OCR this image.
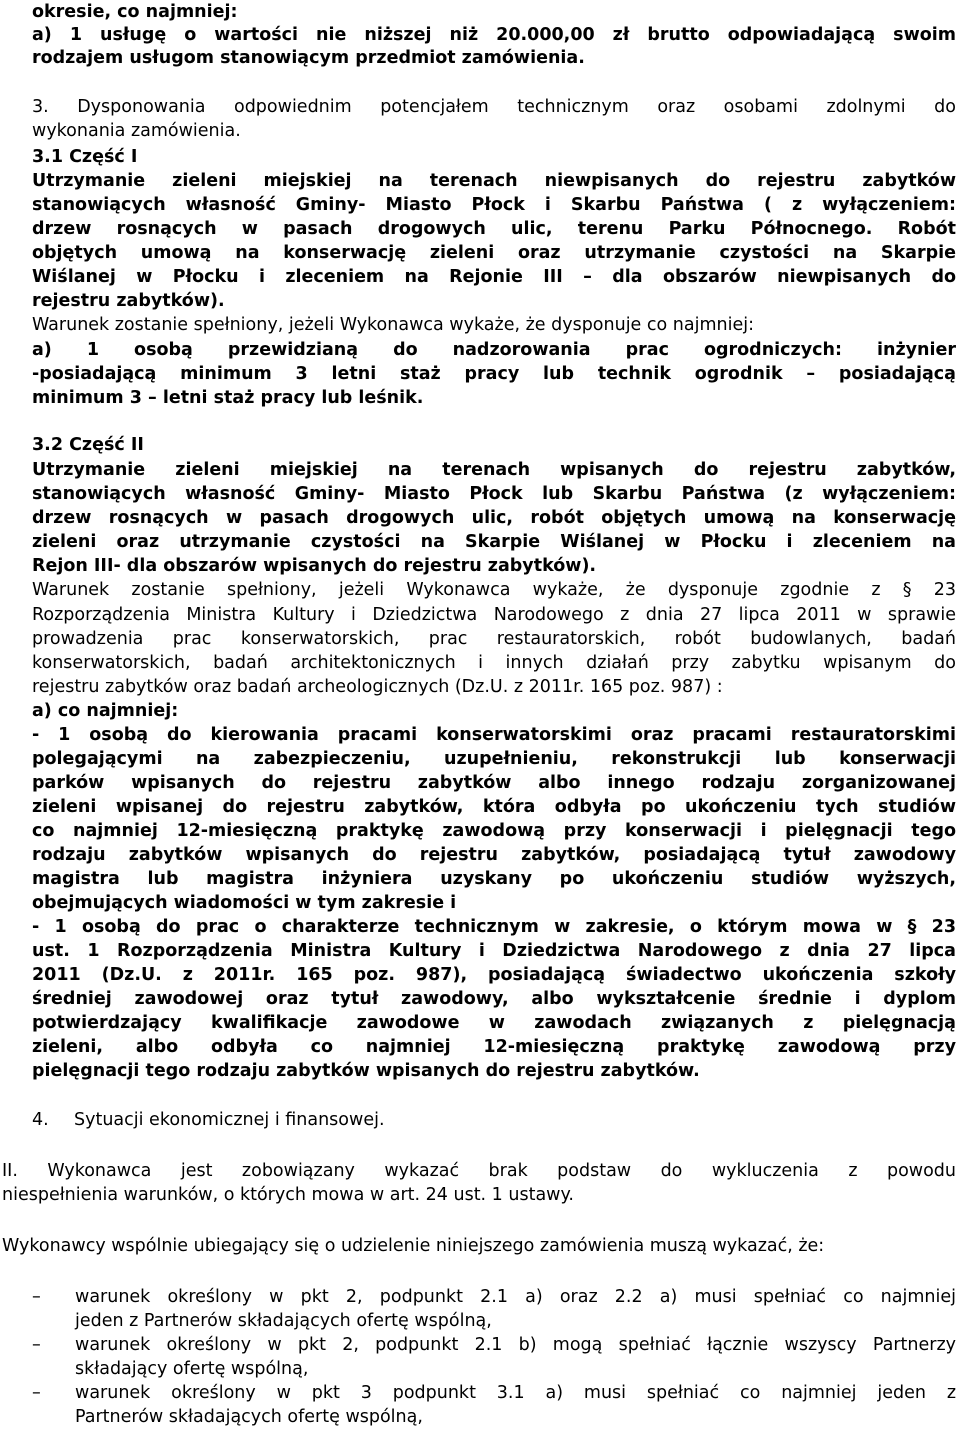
okresie, co najmniej:
a) 1 usługę o wartości nie niższej niż 20.000,00 zł brutto odpowiadającą swoim
rodzajem usługom stanowiącym przedmiot zamówienia.
3. Dysponowania odpowiednim potencjałem technicznym oraz osobami zdolnymi do
wykonania zamówienia.
3.1 Część I
Utrzymanie zieleni miejskiej na terenach niewpisanych do rejestru zabytków
stanowiących własność Gminy- Miasto Płock i Skarbu Państwa ( z wyłączeniem:
drzew rosnących w pasach drogowych ulic, terenu Parku Północnego. Robót
objętych umową na konserwację zieleni oraz utrzymanie czystości na Skarpie
Wiślanej w Płocku i zleceniem na Rejonie III – dla obszarów niewpisanych do
rejestru zabytków).
Warunek zostanie spełniony, jeżeli Wykonawca wykaże, że dysponuje co najmniej:
a) 1 osobą przewidzianą do nadzorowania prac ogrodniczych: inżynier
-posiadającą minimum 3 letni staż pracy lub technik ogrodnik – posiadającą
minimum 3 – letni staż pracy lub leśnik.
3.2 Część II
Utrzymanie zieleni miejskiej na terenach wpisanych do rejestru zabytków,
stanowiących własność Gminy- Miasto Płock lub Skarbu Państwa (z wyłączeniem:
drzew rosnących w pasach drogowych ulic, robót objętych umową na konserwację
zieleni oraz utrzymanie czystości na Skarpie Wiślanej w Płocku i zleceniem na
Rejon III- dla obszarów wpisanych do rejestru zabytków).
Warunek zostanie spełniony, jeżeli Wykonawca wykaże, że dysponuje zgodnie z § 23
Rozporządzenia Ministra Kultury i Dziedzictwa Narodowego z dnia 27 lipca 2011 w sprawie
prowadzenia prac konserwatorskich, prac restauratorskich, robót budowlanych, badań
konserwatorskich, badań architektonicznych i innych działań przy zabytku wpisanym do
rejestru zabytków oraz badań archeologicznych (Dz.U. z 2011r. 165 poz. 987) :
a) co najmniej:
- 1 osobą do kierowania pracami konserwatorskimi oraz pracami restauratorskimi
polegającymi na zabezpieczeniu, uzupełnieniu, rekonstrukcji lub konserwacji
parków wpisanych do rejestru zabytków albo innego rodzaju zorganizowanej
zieleni wpisanej do rejestru zabytków, która odbyła po ukończeniu tych studiów
co najmniej 12-miesięczną praktykę zawodową przy konserwacji i pielęgnacji tego
rodzaju zabytków wpisanych do rejestru zabytków, posiadającą tytuł zawodowy
magistra lub magistra inżyniera uzyskany po ukończeniu studiów wyższych,
obejmujących wiadomości w tym zakresie i
- 1 osobą do prac o charakterze technicznym w zakresie, o którym mowa w § 23
ust. 1 Rozporządzenia Ministra Kultury i Dziedzictwa Narodowego z dnia 27 lipca
2011 (Dz.U. z 2011r. 165 poz. 987), posiadającą świadectwo ukończenia szkoły
średniej zawodowej oraz tytuł zawodowy, albo wykształcenie średnie i dyplom
potwierdzający kwalifikacje zawodowe w zawodach związanych z pielęgnacją
zieleni, albo odbyła co najmniej 12-miesięczną praktykę zawodową przy
pielęgnacji tego rodzaju zabytków wpisanych do rejestru zabytków.
4. Sytuacji ekonomicznej i finansowej.
II. Wykonawca jest zobowiązany wykazać brak podstaw do wykluczenia z powodu
niespełnienia warunków, o których mowa w art. 24 ust. 1 ustawy.
Wykonawcy wspólnie ubiegający się o udzielenie niniejszego zamówienia muszą wykazać, że:
– warunek określony w pkt 2, podpunkt 2.1 a) oraz 2.2 a) musi spełniać co najmniej
jeden z Partnerów składających ofertę wspólną,
– warunek określony w pkt 2, podpunkt 2.1 b) mogą spełniać łącznie wszyscy Partnerzy
składający ofertę wspólną,
– warunek określony w pkt 3 podpunkt 3.1 a) musi spełniać co najmniej jeden z
Partnerów składających ofertę wspólną,
